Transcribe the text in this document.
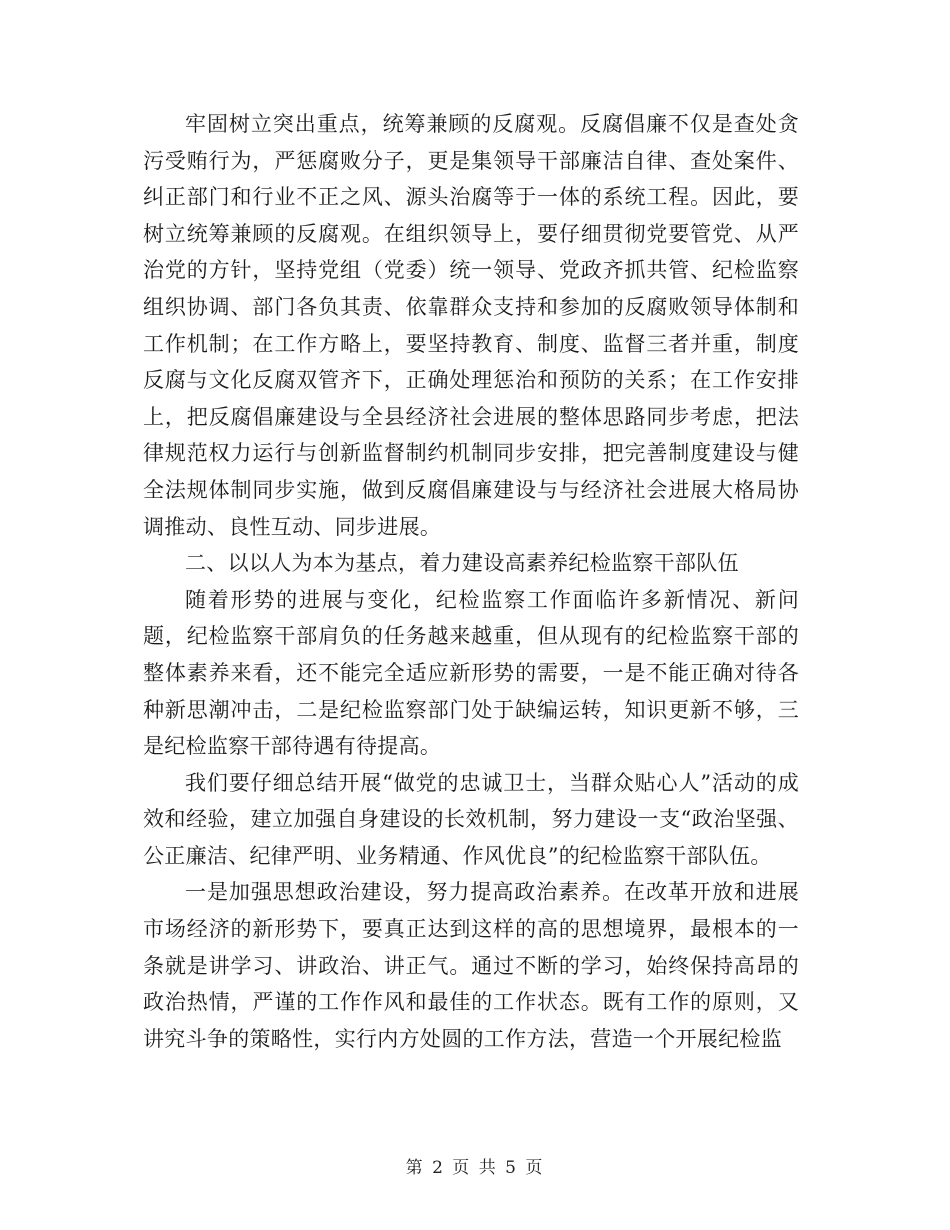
牢固树立突出重点，统筹兼顾的反腐观。反腐倡廉不仅是查处贪污受贿行为，严惩腐败分子，更是集领导干部廉洁自律、查处案件、纠正部门和行业不正之风、源头治腐等于一体的系统工程。因此，要树立统筹兼顾的反腐观。在组织领导上，要仔细贯彻党要管党、从严治党的方针，坚持党组（党委）统一领导、党政齐抓共管、纪检监察组织协调、部门各负其责、依靠群众支持和参加的反腐败领导体制和工作机制；在工作方略上，要坚持教育、制度、监督三者并重，制度反腐与文化反腐双管齐下，正确处理惩治和预防的关系；在工作安排上，把反腐倡廉建设与全县经济社会进展的整体思路同步考虑，把法律规范权力运行与创新监督制约机制同步安排，把完善制度建设与健全法规体制同步实施，做到反腐倡廉建设与与经济社会进展大格局协调推动、良性互动、同步进展。

二、以以人为本为基点，着力建设高素养纪检监察干部队伍

随着形势的进展与变化，纪检监察工作面临许多新情况、新问题，纪检监察干部肩负的任务越来越重，但从现有的纪检监察干部的整体素养来看，还不能完全适应新形势的需要，一是不能正确对待各种新思潮冲击，二是纪检监察部门处于缺编运转，知识更新不够，三是纪检监察干部待遇有待提高。

我们要仔细总结开展“做党的忠诚卫士，当群众贴心人”活动的成效和经验，建立加强自身建设的长效机制，努力建设一支“政治坚强、公正廉洁、纪律严明、业务精通、作风优良”的纪检监察干部队伍。

一是加强思想政治建设，努力提高政治素养。在改革开放和进展市场经济的新形势下，要真正达到这样的高的思想境界，最根本的一条就是讲学习、讲政治、讲正气。通过不断的学习，始终保持高昂的政治热情，严谨的工作作风和最佳的工作状态。既有工作的原则，又讲究斗争的策略性，实行内方处圆的工作方法，营造一个开展纪检监

第 2 页 共 5 页
